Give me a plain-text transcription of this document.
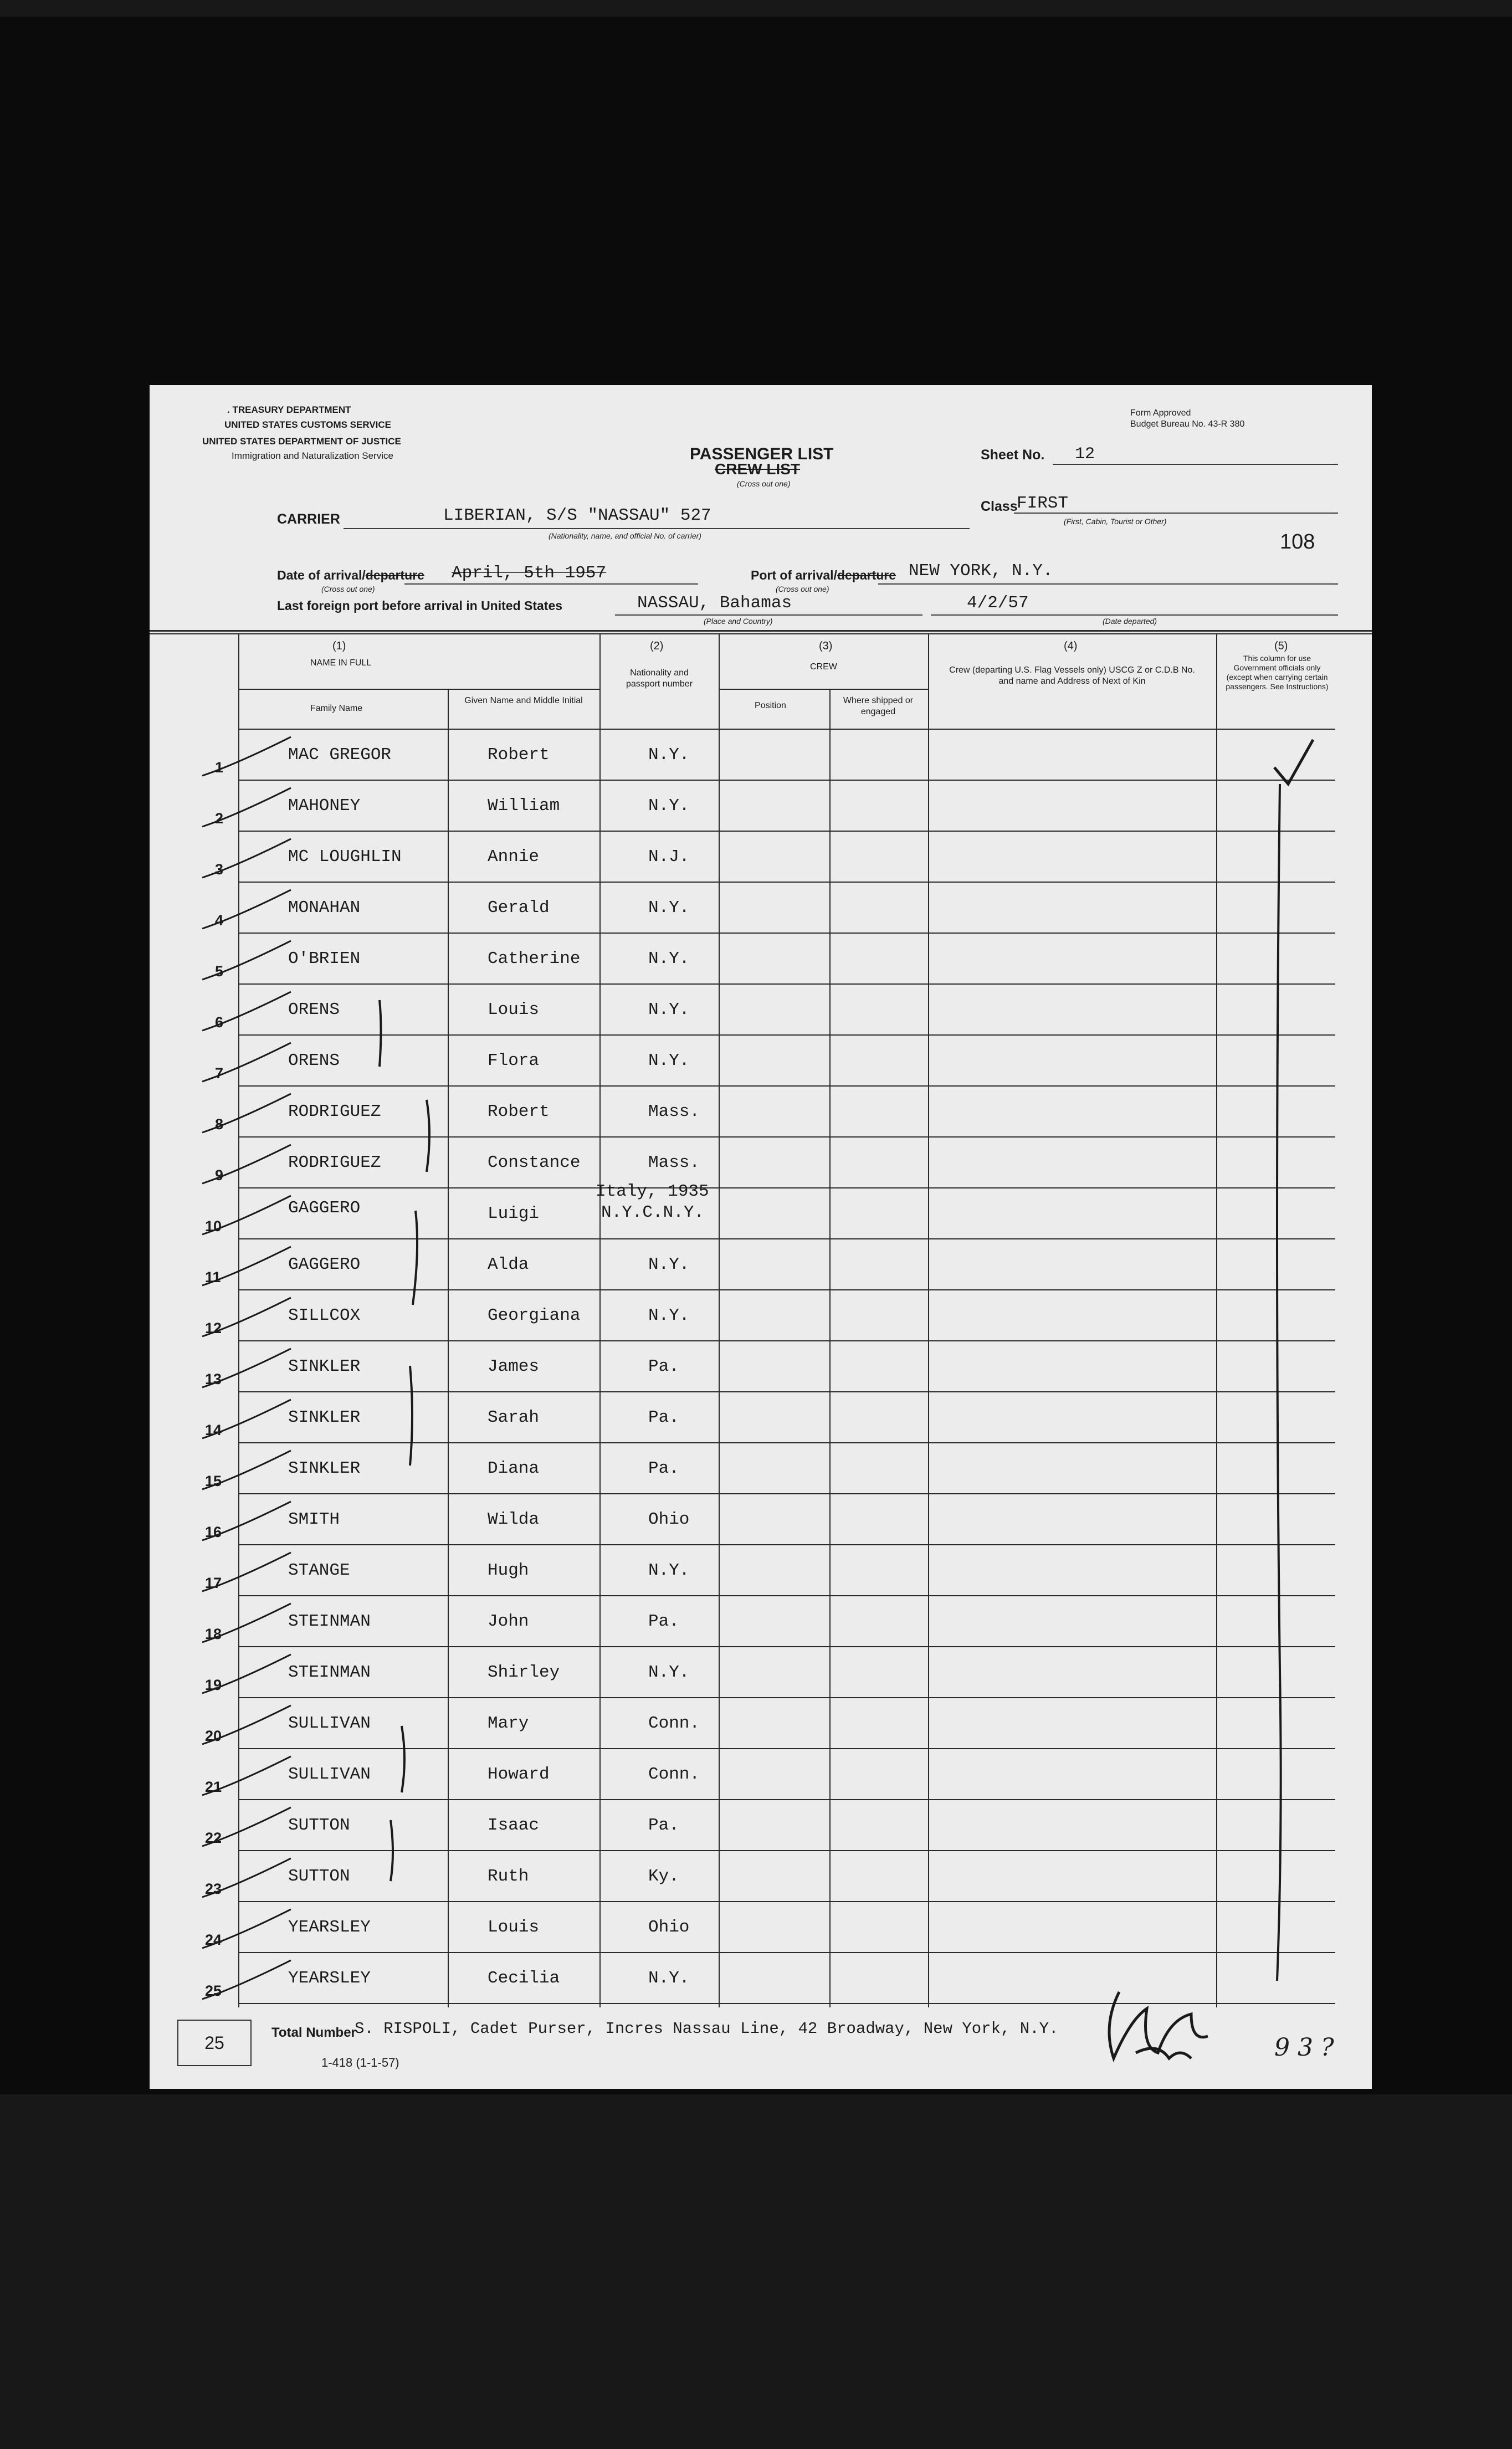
. TREASURY DEPARTMENT
UNITED STATES CUSTOMS SERVICE
UNITED STATES DEPARTMENT OF JUSTICE
Immigration and Naturalization Service
Form Approved
Budget Bureau No. 43-R 380
PASSENGER LIST
CREW LIST
(Cross out one)
Sheet No. 12
Class
FIRST
(First, Cabin, Tourist or Other)
108
CARRIER	LIBERIAN, S/S "NASSAU" 527
(Nationality, name, and official No. of carrier)
Date of arrival/departure April, 5th 1957
(Cross out one)
Port of arrival/departure NEW YORK, N.Y.
(Cross out one)
Last foreign port before arrival in United States	NASSAU, Bahamas
(Place and Country)
4/2/57
(Date departed)
(1)
NAME IN FULL
Family Name
Given Name and Middle Initial
(2)
Nationality and passport number
(3)
CREW
Position
Where shipped or engaged
(4)
Crew (departing U.S. Flag Vessels only) USCG Z or C.D.B No. and name and Address of Next of Kin
(5)
This column for use Government officials only (except when carrying certain passengers. See Instructions)
1
MAC GREGOR	Robert	N.Y.
2
MAHONEY	William	N.Y.
3
MC LOUGHLIN	Annie	N.J.
4
MONAHAN	Gerald	N.Y.
5
O'BRIEN	Catherine	N.Y.
6
ORENS	Louis	N.Y.
7
ORENS	Flora	N.Y.
8
RODRIGUEZ	Robert	Mass.
9
RODRIGUEZ	Constance	Mass.
10
GAGGERO	Luigi
Italy, 1935
N.Y.C.N.Y.
11
GAGGERO	Alda	N.Y.
12
SILLCOX	Georgiana	N.Y.
13
SINKLER	James	Pa.
14
SINKLER	Sarah	Pa.
15
SINKLER	Diana	Pa.
16
SMITH	Wilda	Ohio
17
STANGE	Hugh	N.Y.
18
STEINMAN	John	Pa.
19
STEINMAN	Shirley	N.Y.
20
SULLIVAN	Mary	Conn.
21
SULLIVAN	Howard	Conn.
22
SUTTON	Isaac	Pa.
23
SUTTON	Ruth	Ky.
24
YEARSLEY	Louis	Ohio
25
YEARSLEY	Cecilia	N.Y.
25
Total Number
S. RISPOLI, Cadet Purser, Incres Nassau Line, 42 Broadway, New York, N.Y.
1-418 (1-1-57)
9 3 ?
